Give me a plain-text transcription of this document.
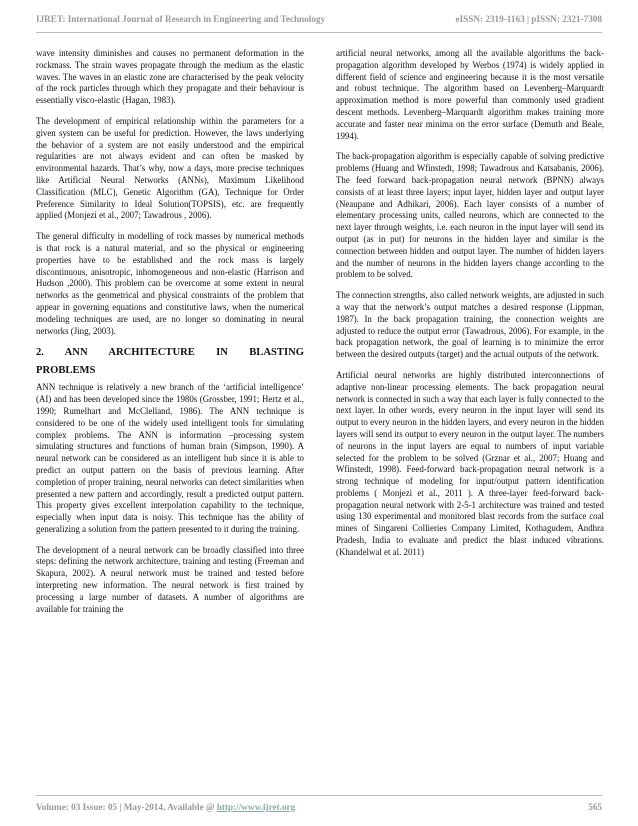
IJRET: International Journal of Research in Engineering and Technology	eISSN: 2319-1163 | pISSN: 2321-7308

wave intensity diminishes and causes no permanent deformation in the rockmass. The strain waves propagate through the medium as the elastic waves. The waves in an elastic zone are characterised by the peak velocity of the rock particles through which they propagate and their behaviour is essentially visco-elastic (Hagan, 1983).

The development of empirical relationship within the parameters for a given system can be useful for prediction. However, the laws underlying the behavior of a system are not easily understood and the empirical regularities are not always evident and can often be masked by environmental hazards. That’s why, now a days, more precise techniques like Artificial Neural Networks (ANNs), Maximum Likelihood Classification (MLC), Genetic Algorithm (GA), Technique for Order Preference Similarity to Ideal Solution(TOPSIS), etc. are frequently applied (Monjezi et al., 2007; Tawadrous , 2006).

The general difficulty in modelling of rock masses by numerical methods is that rock is a natural material, and so the physical or engineering properties have to be established and the rock mass is largely discontinuous, anisotropic, inhomogeneous and non-elastic (Harrison and Hudson ,2000). This problem can be overcome at some extent in neural networks as the geometrical and physical constraints of the problem that appear in governing equations and constitutive laws, when the numerical modeling techniques are used, are no longer so dominating in neural networks (Jing, 2003).

2. ANN ARCHITECTURE IN BLASTING
PROBLEMS

ANN technique is relatively a new branch of the ‘artificial intelligence’ (AI) and has been developed since the 1980s (Grossber, 1991; Hertz et al., 1990; Rumelhart and McClelland, 1986). The ANN technique is considered to be one of the widely used intelligent tools for simulating complex problems. The ANN is information –processing system simulating structures and functions of human brain (Simpson, 1990). A neural network can be considered as an intelligent hub since it is able to predict an output pattern on the basis of previous learning. After completion of proper training, neural networks can detect similarities when presented a new pattern and accordingly, result a predicted output pattern. This property gives excellent interpolation capability to the technique, especially when input data is noisy. This technique has the ability of generalizing a solution from the pattern presented to it during the training.

The development of a neural network can be broadly classified into three steps: defining the network architecture, training and testing (Freeman and Skapura, 2002). A neural network must be trained and tested before interpreting new information. The neural network is first trained by processing a large number of datasets. A number of algorithms are available for training the

artificial neural networks, among all the available algorithms the back-propagation algorithm developed by Werbos (1974) is widely applied in different field of science and engineering because it is the most versatile and robust technique. The algorithm based on Levenberg–Marquardt approximation method is more powerful than commonly used gradient descent methods. Levenberg–Marquardt algorithm makes training more accurate and faster near minima on the error surface (Demuth and Beale, 1994).

The back-propagation algorithm is especially capable of solving predictive problems (Huang and Wfinstedt, 1998; Tawadrous and Katsabanis, 2006). The feed forward back-propagation neural network (BPNN) always consists of at least three layers; input layer, hidden layer and output layer (Neaupane and Adhikari, 2006). Each layer consists of a number of elementary processing units, called neurons, which are connected to the next layer through weights, i.e. each neuron in the input layer will send its output (as in put) for neurons in the hidden layer and similar is the connection between hidden and output layer. The number of hidden layers and the number of neurons in the hidden layers change according to the problem to be solved.

The connection strengths, also called network weights, are adjusted in such a way that the network’s output matches a desired response (Lippman, 1987). In the back propagation training, the connection weights are adjusted to reduce the output error (Tawadrous, 2006). For example, in the back propagation network, the goal of learning is to minimize the error between the desired outputs (target) and the actual outputs of the network.

Artificial neural networks are highly distributed interconnections of adaptive non-linear processing elements. The back propagation neural network is connected in such a way that each layer is fully connected to the next layer. In other words, every neuron in the input layer will send its output to every neuron in the hidden layers, and every neuron in the hidden layers will send its output to every neuron in the output layer. The numbers of neurons in the input layers are equal to numbers of input variable selected for the problem to be solved (Grznar et al., 2007; Huang and Wfinstedt, 1998). Feed-forward back-propagation neural network is a strong technique of modeling for input/output pattern identification problems ( Monjezi et al., 2011 ). A three-layer feed-forward back-propagation neural network with 2-5-1 architecture was trained and tested using 130 experimental and monitored blast records from the surface coal mines of Singareni Collieries Company Limited, Kothagudem, Andhra Pradesh, India to evaluate and predict the blast induced vibrations. (Khandelwal et al. 2011)

Volume: 03 Issue: 05 | May-2014, Available @ http://www.ijret.org	565
